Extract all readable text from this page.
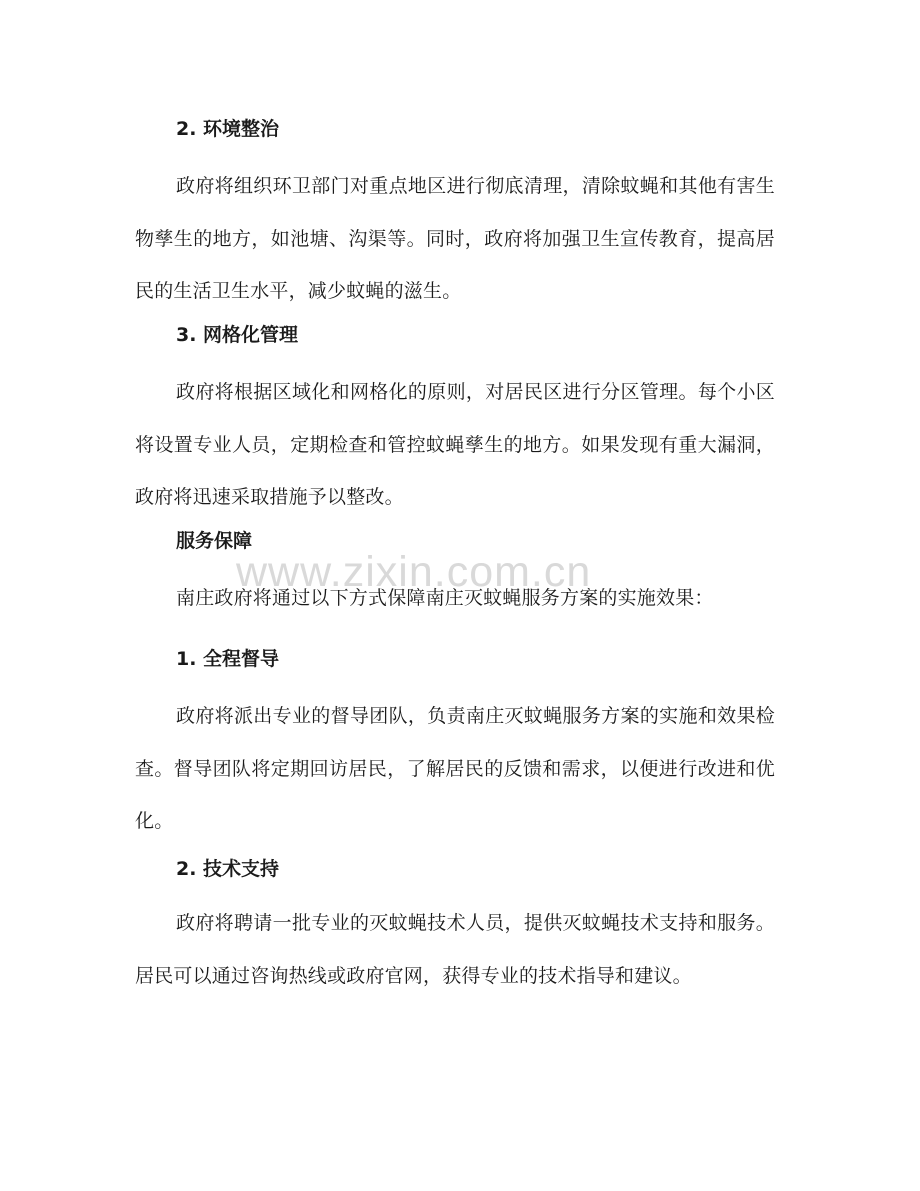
2. 环境整治

政府将组织环卫部门对重点地区进行彻底清理，清除蚊蝇和其他有害生物孳生的地方，如池塘、沟渠等。同时，政府将加强卫生宣传教育，提高居民的生活卫生水平，减少蚊蝇的滋生。

3. 网格化管理

政府将根据区域化和网格化的原则，对居民区进行分区管理。每个小区将设置专业人员，定期检查和管控蚊蝇孳生的地方。如果发现有重大漏洞，政府将迅速采取措施予以整改。

服务保障

南庄政府将通过以下方式保障南庄灭蚊蝇服务方案的实施效果：

1. 全程督导

政府将派出专业的督导团队，负责南庄灭蚊蝇服务方案的实施和效果检查。督导团队将定期回访居民，了解居民的反馈和需求，以便进行改进和优化。

2. 技术支持

政府将聘请一批专业的灭蚊蝇技术人员，提供灭蚊蝇技术支持和服务。居民可以通过咨询热线或政府官网，获得专业的技术指导和建议。

www.zixin.com.cn
